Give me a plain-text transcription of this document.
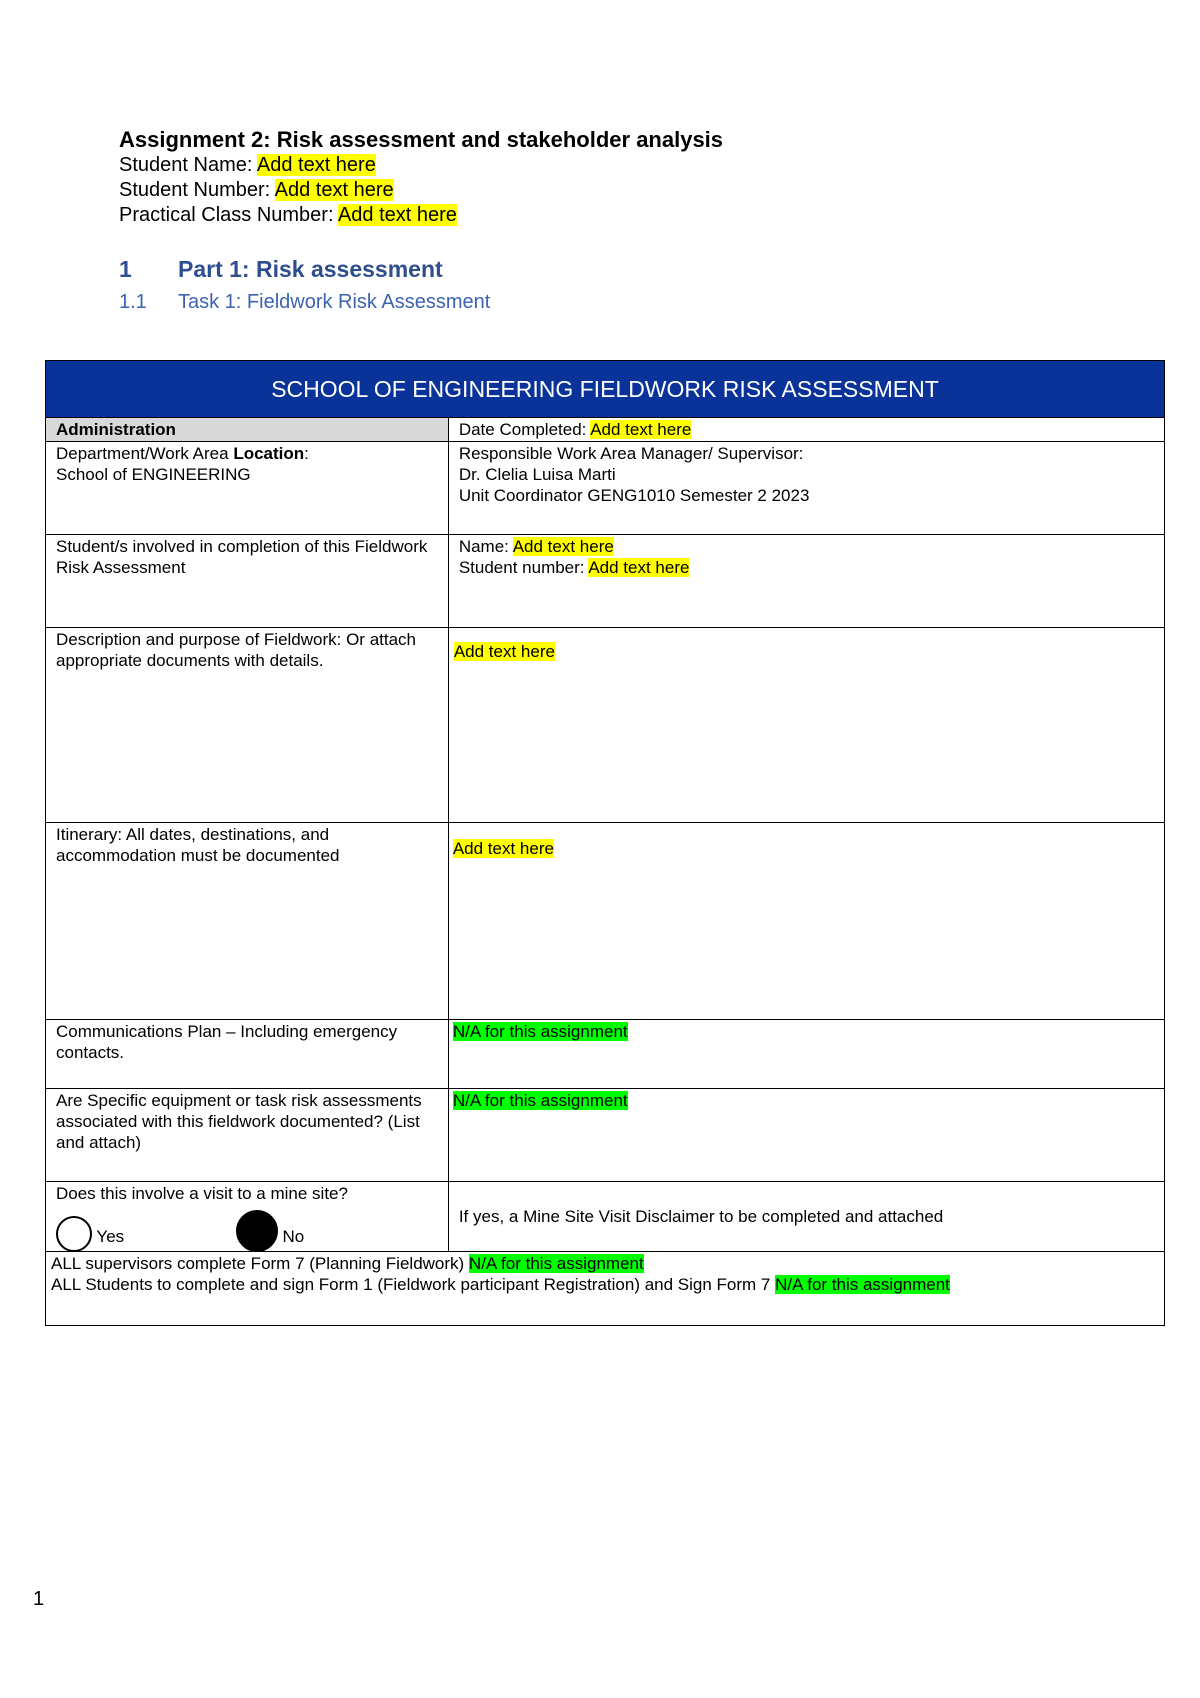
Assignment 2: Risk assessment and stakeholder analysis
Student Name: Add text here
Student Number: Add text here
Practical Class Number: Add text here
1 Part 1: Risk assessment
1.1 Task 1: Fieldwork Risk Assessment
SCHOOL OF ENGINEERING FIELDWORK RISK ASSESSMENT	
Administration	Date Completed: Add text here
Department/Work Area Location:
School of ENGINEERING	Responsible Work Area Manager/ Supervisor:
Dr. Clelia Luisa Marti
Unit Coordinator GENG1010 Semester 2 2023
Student/s involved in completion of this Fieldwork Risk Assessment	Name: Add text here
Student number: Add text here
Description and purpose of Fieldwork: Or attach appropriate documents with details.	Add text here
Itinerary: All dates, destinations, and accommodation must be documented	Add text here
Communications Plan – Including emergency contacts.	N/A for this assignment
Are Specific equipment or task risk assessments associated with this fieldwork documented? (List and attach)	N/A for this assignment
Does this involve a visit to a mine site?
Yes No	If yes, a Mine Site Visit Disclaimer to be completed and attached
ALL supervisors complete Form 7 (Planning Fieldwork) N/A for this assignment
ALL Students to complete and sign Form 1 (Fieldwork participant Registration) and Sign Form 7 N/A for this assignment	
1
